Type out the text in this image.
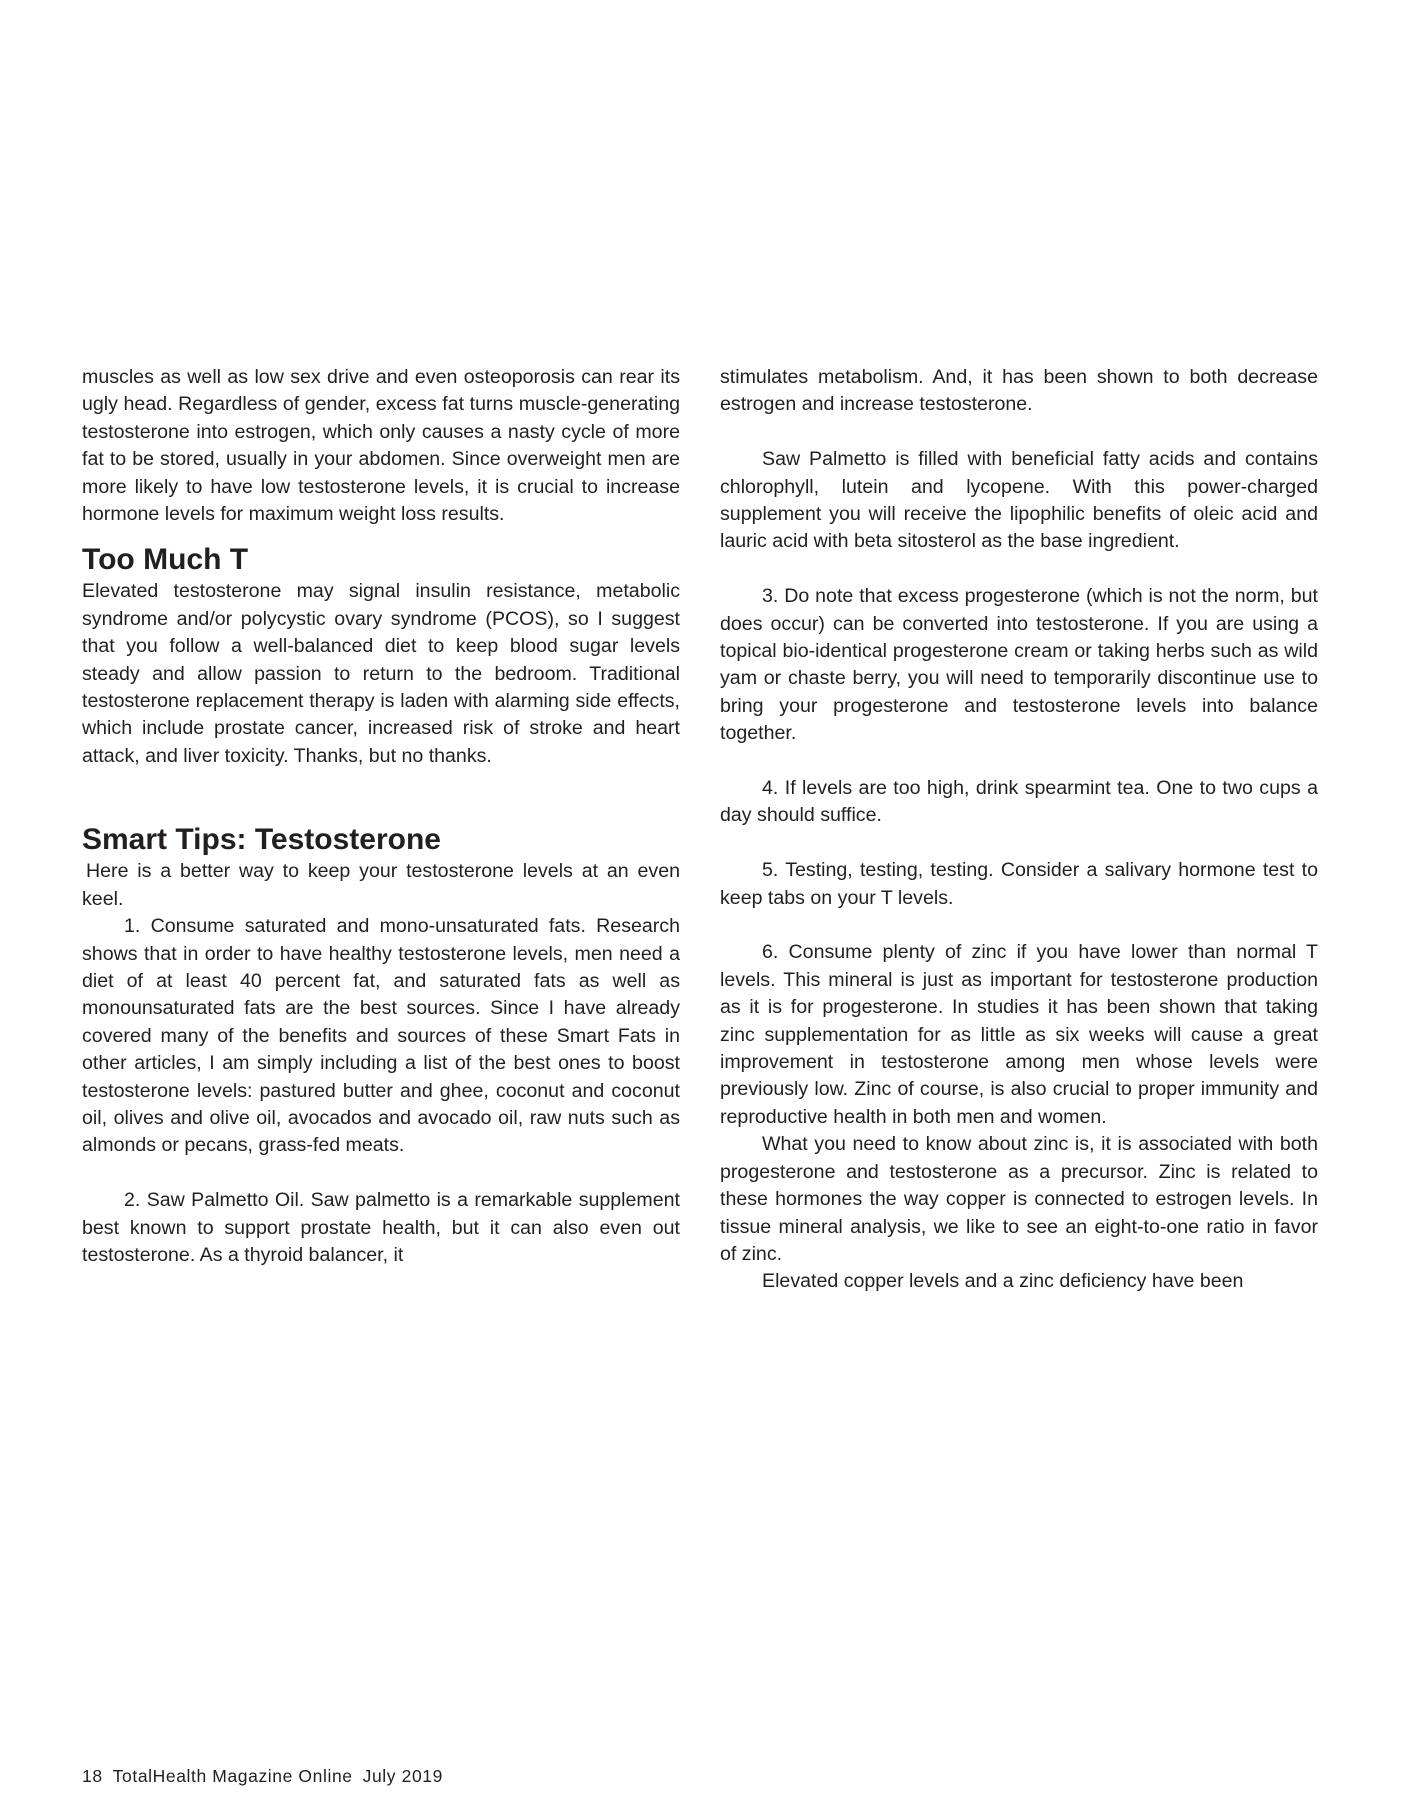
muscles as well as low sex drive and even osteoporosis can rear its ugly head. Regardless of gender, excess fat turns muscle-generating testosterone into estrogen, which only causes a nasty cycle of more fat to be stored, usually in your abdomen. Since overweight men are more likely to have low testosterone levels, it is crucial to increase hormone levels for maximum weight loss results.

Too Much T

Elevated testosterone may signal insulin resistance, metabolic syndrome and/or polycystic ovary syndrome (PCOS), so I suggest that you follow a well-balanced diet to keep blood sugar levels steady and allow passion to return to the bedroom. Traditional testosterone replacement therapy is laden with alarming side effects, which include prostate cancer, increased risk of stroke and heart attack, and liver toxicity. Thanks, but no thanks.

Smart Tips: Testosterone

Here is a better way to keep your testosterone levels at an even keel.

1. Consume saturated and mono-unsaturated fats. Research shows that in order to have healthy testosterone levels, men need a diet of at least 40 percent fat, and saturated fats as well as monounsaturated fats are the best sources. Since I have already covered many of the benefits and sources of these Smart Fats in other articles, I am simply including a list of the best ones to boost testosterone levels: pastured butter and ghee, coconut and coconut oil, olives and olive oil, avocados and avocado oil, raw nuts such as almonds or pecans, grass-fed meats.

2. Saw Palmetto Oil. Saw palmetto is a remarkable supplement best known to support prostate health, but it can also even out testosterone. As a thyroid balancer, it

stimulates metabolism. And, it has been shown to both decrease estrogen and increase testosterone.

Saw Palmetto is filled with beneficial fatty acids and contains chlorophyll, lutein and lycopene. With this power-charged supplement you will receive the lipophilic benefits of oleic acid and lauric acid with beta sitosterol as the base ingredient.

3. Do note that excess progesterone (which is not the norm, but does occur) can be converted into testosterone. If you are using a topical bio-identical progesterone cream or taking herbs such as wild yam or chaste berry, you will need to temporarily discontinue use to bring your progesterone and testosterone levels into balance together.

4. If levels are too high, drink spearmint tea. One to two cups a day should suffice.

5. Testing, testing, testing. Consider a salivary hormone test to keep tabs on your T levels.

6. Consume plenty of zinc if you have lower than normal T levels. This mineral is just as important for testosterone production as it is for progesterone. In studies it has been shown that taking zinc supplementation for as little as six weeks will cause a great improvement in testosterone among men whose levels were previously low. Zinc of course, is also crucial to proper immunity and reproductive health in both men and women.

What you need to know about zinc is, it is associated with both progesterone and testosterone as a precursor. Zinc is related to these hormones the way copper is connected to estrogen levels. In tissue mineral analysis, we like to see an eight-to-one ratio in favor of zinc.

Elevated copper levels and a zinc deficiency have been

18 TotalHealth Magazine Online July 2019
